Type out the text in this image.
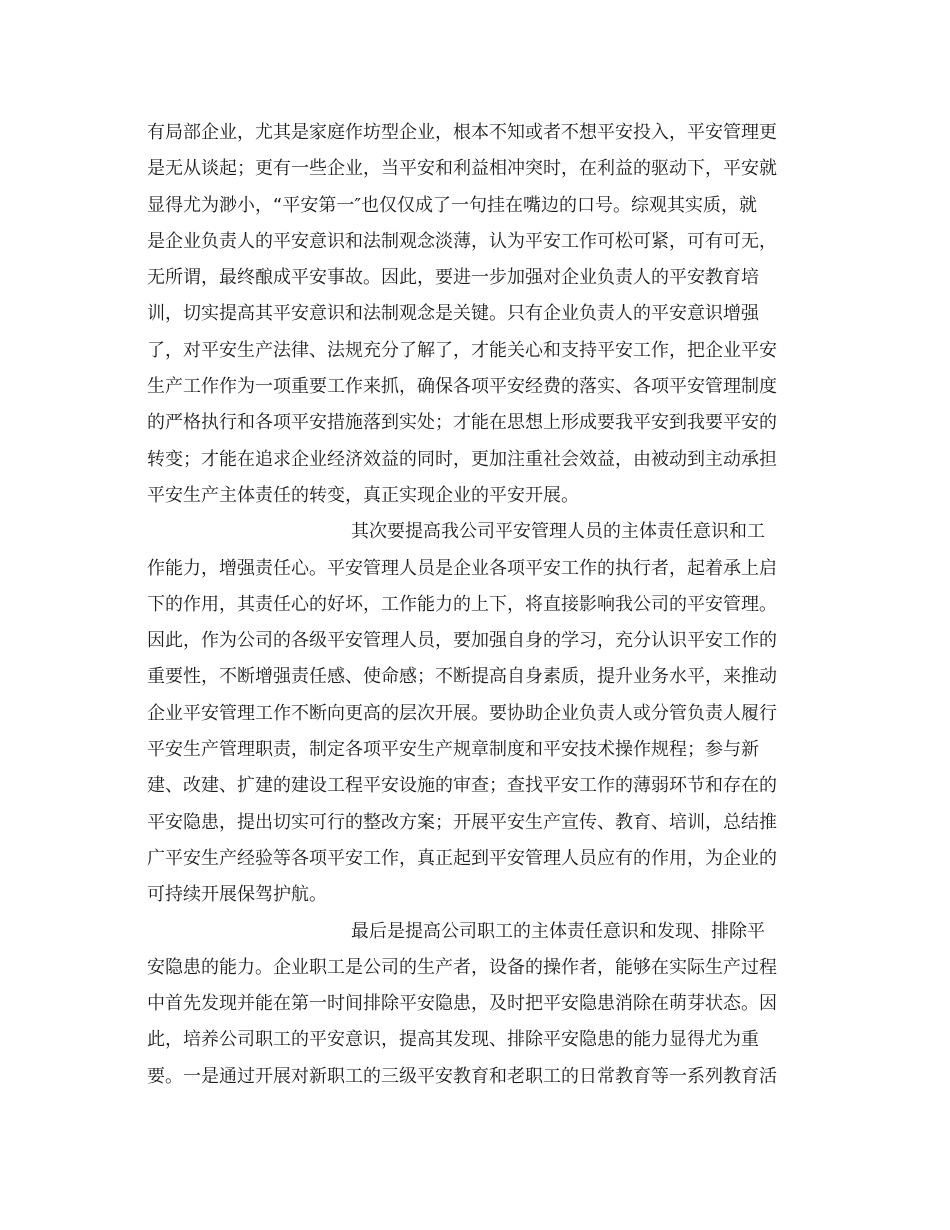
有局部企业，尤其是家庭作坊型企业，根本不知或者不想平安投入，平安管理更
是无从谈起；更有一些企业，当平安和利益相冲突时，在利益的驱动下，平安就
显得尤为渺小，“平安第一″也仅仅成了一句挂在嘴边的口号。综观其实质，就
是企业负责人的平安意识和法制观念淡薄，认为平安工作可松可紧，可有可无，
无所谓，最终酿成平安事故。因此，要进一步加强对企业负责人的平安教育培
训，切实提高其平安意识和法制观念是关键。只有企业负责人的平安意识增强
了，对平安生产法律、法规充分了解了，才能关心和支持平安工作，把企业平安
生产工作作为一项重要工作来抓，确保各项平安经费的落实、各项平安管理制度
的严格执行和各项平安措施落到实处；才能在思想上形成要我平安到我要平安的
转变；才能在追求企业经济效益的同时，更加注重社会效益，由被动到主动承担
平安生产主体责任的转变，真正实现企业的平安开展。
其次要提高我公司平安管理人员的主体责任意识和工
作能力，增强责任心。平安管理人员是企业各项平安工作的执行者，起着承上启
下的作用，其责任心的好坏，工作能力的上下，将直接影响我公司的平安管理。
因此，作为公司的各级平安管理人员，要加强自身的学习，充分认识平安工作的
重要性，不断增强责任感、使命感；不断提高自身素质，提升业务水平，来推动
企业平安管理工作不断向更高的层次开展。要协助企业负责人或分管负责人履行
平安生产管理职责，制定各项平安生产规章制度和平安技术操作规程；参与新
建、改建、扩建的建设工程平安设施的审查；查找平安工作的薄弱环节和存在的
平安隐患，提出切实可行的整改方案；开展平安生产宣传、教育、培训，总结推
广平安生产经验等各项平安工作，真正起到平安管理人员应有的作用，为企业的
可持续开展保驾护航。
最后是提高公司职工的主体责任意识和发现、排除平
安隐患的能力。企业职工是公司的生产者，设备的操作者，能够在实际生产过程
中首先发现并能在第一时间排除平安隐患，及时把平安隐患消除在萌芽状态。因
此，培养公司职工的平安意识，提高其发现、排除平安隐患的能力显得尤为重
要。一是通过开展对新职工的三级平安教育和老职工的日常教育等一系列教育活
